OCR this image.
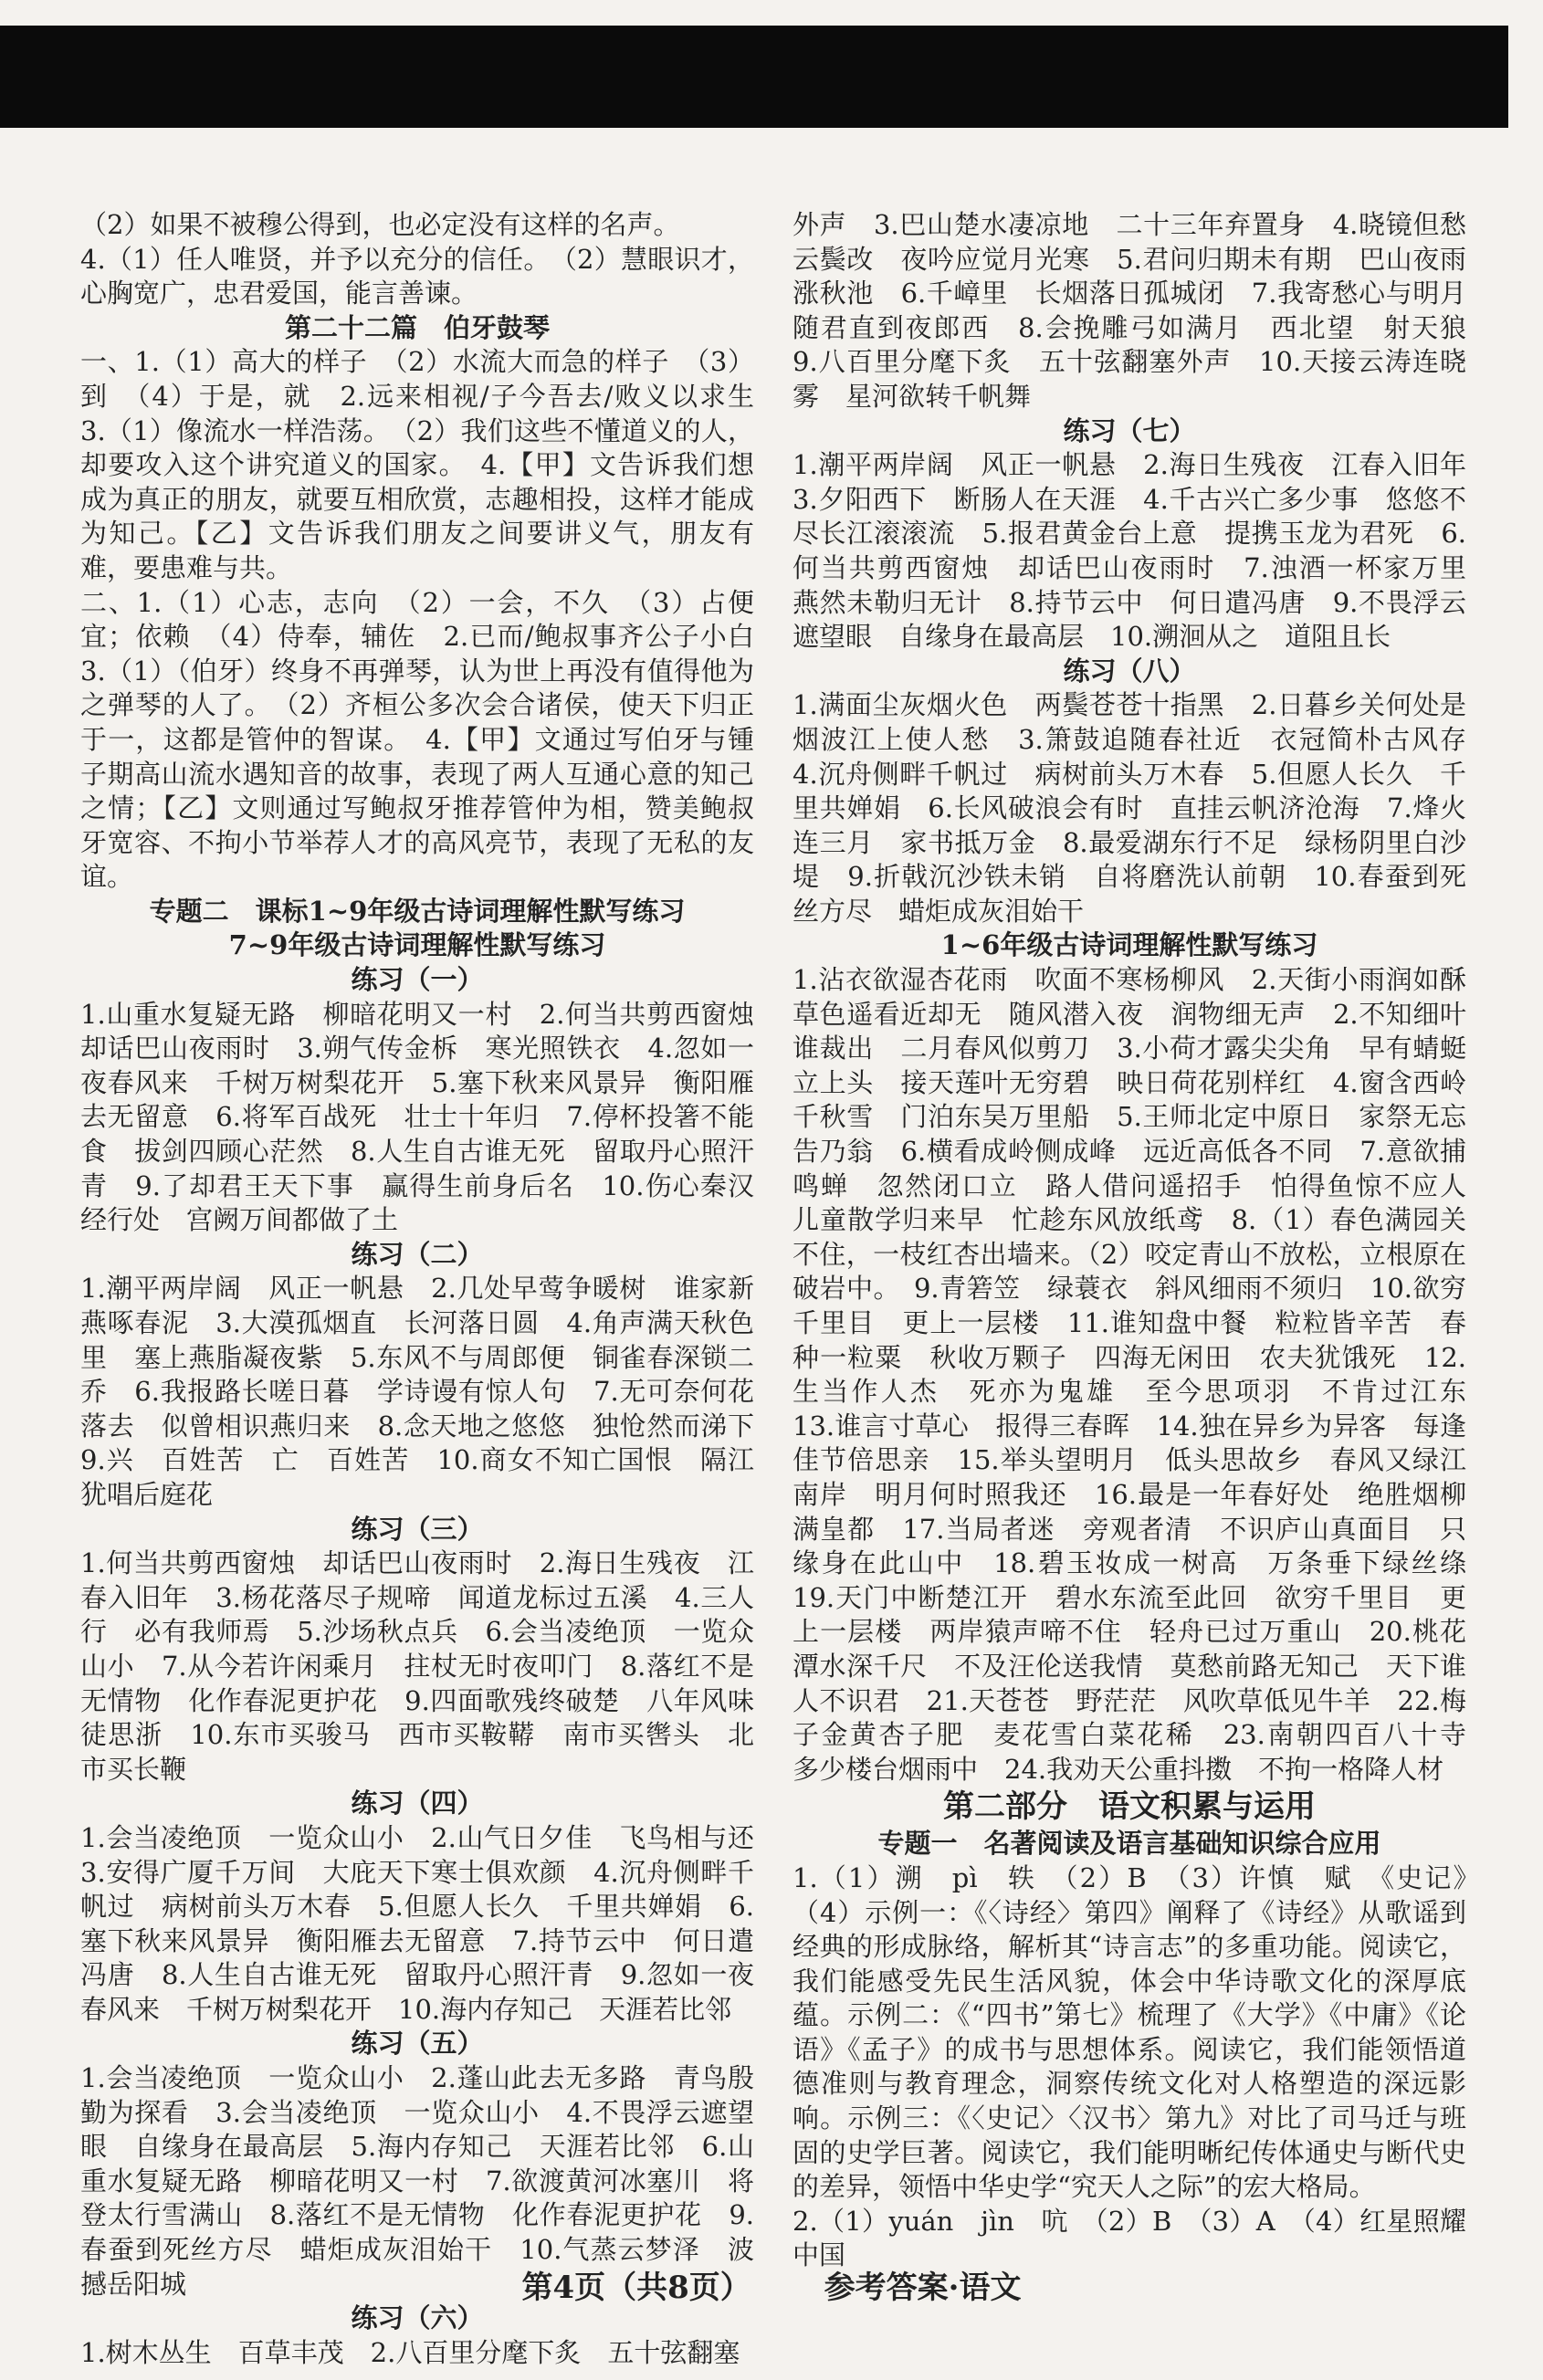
（2）如果不被穆公得到，也必定没有这样的名声。

4.（1）任人唯贤，并予以充分的信任。　（2）慧眼识才，心胸宽广，忠君爱国，能言善谏。

第二十二篇　伯牙鼓琴

一、1.（1）高大的样子　（2）水流大而急的样子　（3）到　（4）于是，就　2.远来相视/子今吾去/败义以求生　3.（1）像流水一样浩荡。　（2）我们这些不懂道义的人，却要攻入这个讲究道义的国家。　4.【甲】文告诉我们想成为真正的朋友，就要互相欣赏，志趣相投，这样才能成为知己。【乙】文告诉我们朋友之间要讲义气，朋友有难，要患难与共。

二、1.（1）心志，志向　（2）一会，不久　（3）占便宜；依赖　（4）侍奉，辅佐　2.已而/鲍叔事齐公子小白　3.（1）（伯牙）终身不再弹琴，认为世上再没有值得他为之弹琴的人了。　（2）齐桓公多次会合诸侯，使天下归正于一，这都是管仲的智谋。　4.【甲】文通过写伯牙与锺子期高山流水遇知音的故事，表现了两人互通心意的知己之情；【乙】文则通过写鲍叔牙推荐管仲为相，赞美鲍叔牙宽容、不拘小节举荐人才的高风亮节，表现了无私的友谊。

专题二　课标1~9年级古诗词理解性默写练习

7~9年级古诗词理解性默写练习

练习（一）

1.山重水复疑无路　柳暗花明又一村　2.何当共剪西窗烛　却话巴山夜雨时　3.朔气传金柝　寒光照铁衣　4.忽如一夜春风来　千树万树梨花开　5.塞下秋来风景异　衡阳雁去无留意　6.将军百战死　壮士十年归　7.停杯投箸不能食　拔剑四顾心茫然　8.人生自古谁无死　留取丹心照汗青　9.了却君王天下事　赢得生前身后名　10.伤心秦汉经行处　宫阙万间都做了土

练习（二）

1.潮平两岸阔　风正一帆悬　2.几处早莺争暖树　谁家新燕啄春泥　3.大漠孤烟直　长河落日圆　4.角声满天秋色里　塞上燕脂凝夜紫　5.东风不与周郎便　铜雀春深锁二乔　6.我报路长嗟日暮　学诗谩有惊人句　7.无可奈何花落去　似曾相识燕归来　8.念天地之悠悠　独怆然而涕下　9.兴　百姓苦　亡　百姓苦　10.商女不知亡国恨　隔江犹唱后庭花

练习（三）

1.何当共剪西窗烛　却话巴山夜雨时　2.海日生残夜　江春入旧年　3.杨花落尽子规啼　闻道龙标过五溪　4.三人行　必有我师焉　5.沙场秋点兵　6.会当凌绝顶　一览众山小　7.从今若许闲乘月　拄杖无时夜叩门　8.落红不是无情物　化作春泥更护花　9.四面歌残终破楚　八年风味徒思浙　10.东市买骏马　西市买鞍鞯　南市买辔头　北市买长鞭

练习（四）

1.会当凌绝顶　一览众山小　2.山气日夕佳　飞鸟相与还　3.安得广厦千万间　大庇天下寒士俱欢颜　4.沉舟侧畔千帆过　病树前头万木春　5.但愿人长久　千里共婵娟　6.塞下秋来风景异　衡阳雁去无留意　7.持节云中　何日遣冯唐　8.人生自古谁无死　留取丹心照汗青　9.忽如一夜春风来　千树万树梨花开　10.海内存知己　天涯若比邻

练习（五）

1.会当凌绝顶　一览众山小　2.蓬山此去无多路　青鸟殷勤为探看　3.会当凌绝顶　一览众山小　4.不畏浮云遮望眼　自缘身在最高层　5.海内存知己　天涯若比邻　6.山重水复疑无路　柳暗花明又一村　7.欲渡黄河冰塞川　将登太行雪满山　8.落红不是无情物　化作春泥更护花　9.春蚕到死丝方尽　蜡炬成灰泪始干　10.气蒸云梦泽　波撼岳阳城

练习（六）

1.树木丛生　百草丰茂　2.八百里分麾下炙　五十弦翻塞

外声　3.巴山楚水凄凉地　二十三年弃置身　4.晓镜但愁云鬓改　夜吟应觉月光寒　5.君问归期未有期　巴山夜雨涨秋池　6.千嶂里　长烟落日孤城闭　7.我寄愁心与明月　随君直到夜郎西　8.会挽雕弓如满月　西北望　射天狼　9.八百里分麾下炙　五十弦翻塞外声　10.天接云涛连晓雾　星河欲转千帆舞

练习（七）

1.潮平两岸阔　风正一帆悬　2.海日生残夜　江春入旧年　3.夕阳西下　断肠人在天涯　4.千古兴亡多少事　悠悠不尽长江滚滚流　5.报君黄金台上意　提携玉龙为君死　6.何当共剪西窗烛　却话巴山夜雨时　7.浊酒一杯家万里　燕然未勒归无计　8.持节云中　何日遣冯唐　9.不畏浮云遮望眼　自缘身在最高层　10.溯洄从之　道阻且长

练习（八）

1.满面尘灰烟火色　两鬓苍苍十指黑　2.日暮乡关何处是　烟波江上使人愁　3.箫鼓追随春社近　衣冠简朴古风存　4.沉舟侧畔千帆过　病树前头万木春　5.但愿人长久　千里共婵娟　6.长风破浪会有时　直挂云帆济沧海　7.烽火连三月　家书抵万金　8.最爱湖东行不足　绿杨阴里白沙堤　9.折戟沉沙铁未销　自将磨洗认前朝　10.春蚕到死丝方尽　蜡炬成灰泪始干

1~6年级古诗词理解性默写练习

1.沾衣欲湿杏花雨　吹面不寒杨柳风　2.天街小雨润如酥　草色遥看近却无　随风潜入夜　润物细无声　2.不知细叶谁裁出　二月春风似剪刀　3.小荷才露尖尖角　早有蜻蜓立上头　接天莲叶无穷碧　映日荷花别样红　4.窗含西岭千秋雪　门泊东吴万里船　5.王师北定中原日　家祭无忘告乃翁　6.横看成岭侧成峰　远近高低各不同　7.意欲捕鸣蝉　忽然闭口立　路人借问遥招手　怕得鱼惊不应人　儿童散学归来早　忙趁东风放纸鸢　8.（1）春色满园关不住，一枝红杏出墙来。（2）咬定青山不放松，立根原在破岩中。　9.青箬笠　绿蓑衣　斜风细雨不须归　10.欲穷千里目　更上一层楼　11.谁知盘中餐　粒粒皆辛苦　春种一粒粟　秋收万颗子　四海无闲田　农夫犹饿死　12.生当作人杰　死亦为鬼雄　至今思项羽　不肯过江东　13.谁言寸草心　报得三春晖　14.独在异乡为异客　每逢佳节倍思亲　15.举头望明月　低头思故乡　春风又绿江南岸　明月何时照我还　16.最是一年春好处　绝胜烟柳满皇都　17.当局者迷　旁观者清　不识庐山真面目　只缘身在此山中　18.碧玉妆成一树高　万条垂下绿丝绦　19.天门中断楚江开　碧水东流至此回　欲穷千里目　更上一层楼　两岸猿声啼不住　轻舟已过万重山　20.桃花潭水深千尺　不及汪伦送我情　莫愁前路无知己　天下谁人不识君　21.天苍苍　野茫茫　风吹草低见牛羊　22.梅子金黄杏子肥　麦花雪白菜花稀　23.南朝四百八十寺　多少楼台烟雨中　24.我劝天公重抖擞　不拘一格降人材

第二部分　语文积累与运用

专题一　名著阅读及语言基础知识综合应用

1.（1）溯　pì　轶　（2）B　（3）许慎　赋　《史记》　（4）示例一：《〈诗经〉第四》阐释了《诗经》从歌谣到经典的形成脉络，解析其“诗言志”的多重功能。阅读它，我们能感受先民生活风貌，体会中华诗歌文化的深厚底蕴。示例二：《“四书”第七》梳理了《大学》《中庸》《论语》《孟子》的成书与思想体系。阅读它，我们能领悟道德准则与教育理念，洞察传统文化对人格塑造的深远影响。示例三：《〈史记〉〈汉书〉第九》对比了司马迁与班固的史学巨著。阅读它，我们能明晰纪传体通史与断代史的差异，领悟中华史学“究天人之际”的宏大格局。

2.（1）yuán　jìn　吭　（2）B　（3）A　（4）红星照耀中国

第4页（共8页） 参考答案·语文
